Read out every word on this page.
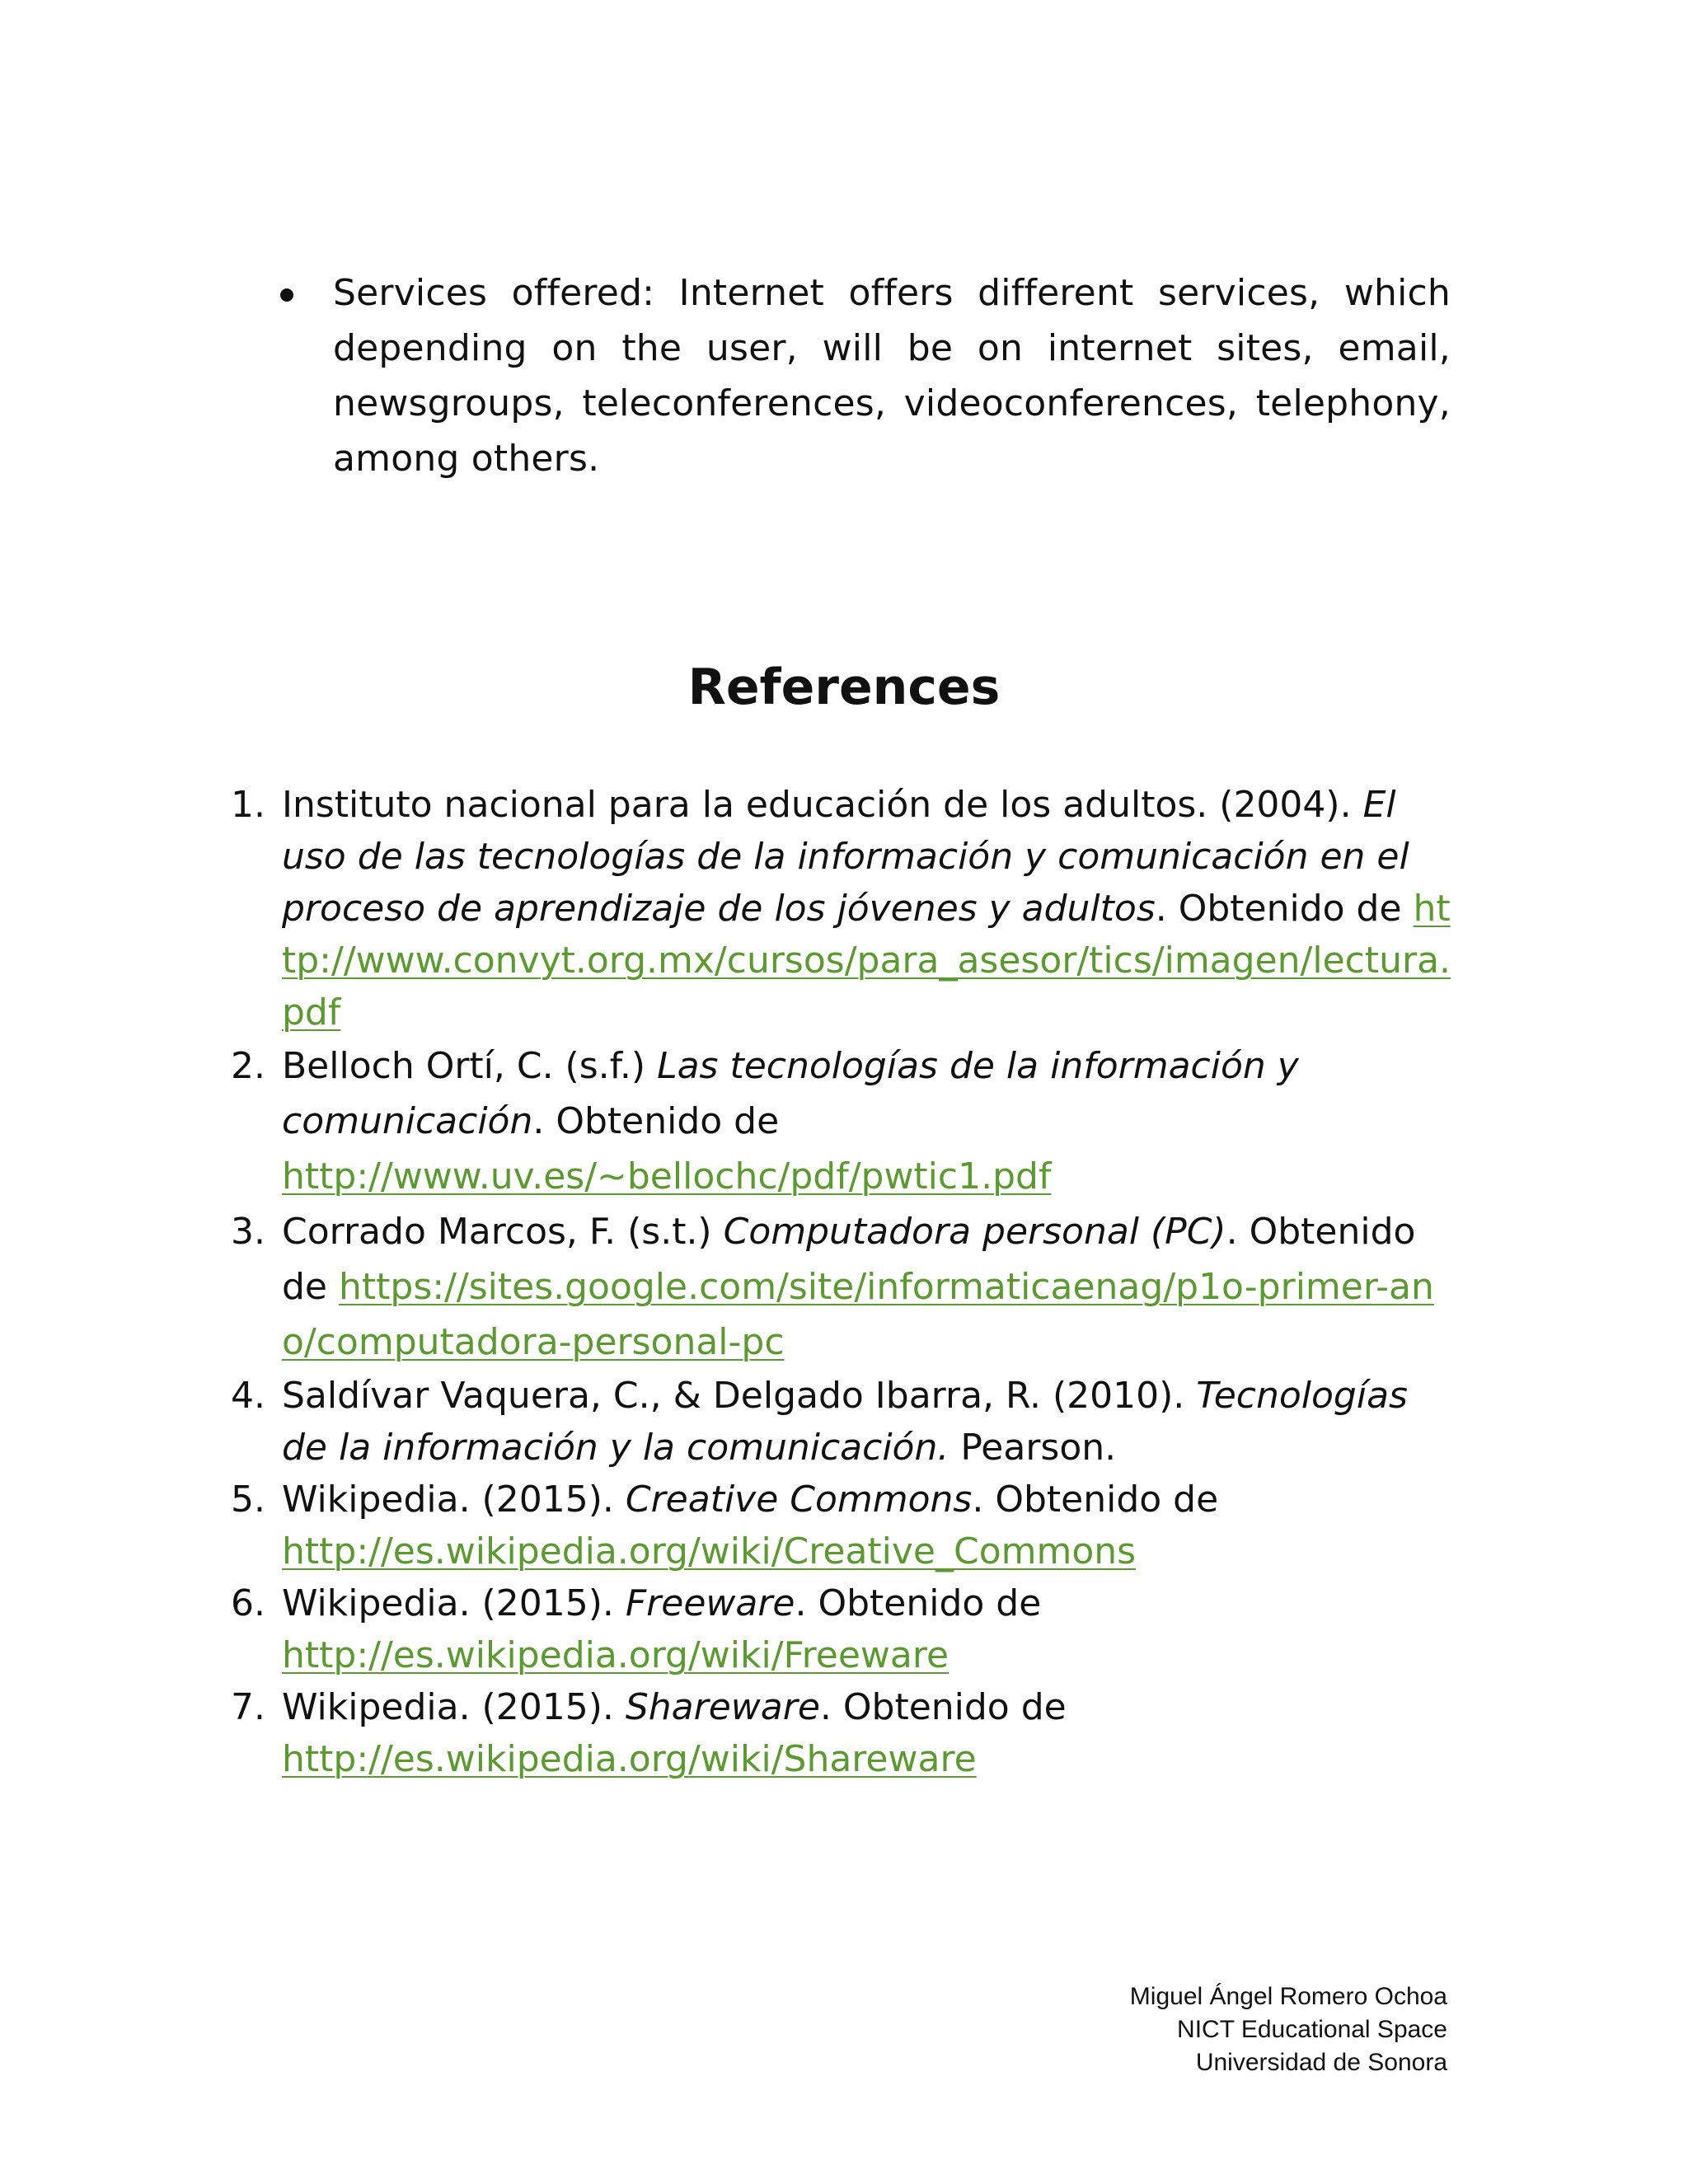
Services offered: Internet offers different services, which depending on the user, will be on internet sites, email, newsgroups, teleconferences, videoconferences, telephony, among others.
References
1. Instituto nacional para la educación de los adultos. (2004). El uso de las tecnologías de la información y comunicación en el proceso de aprendizaje de los jóvenes y adultos. Obtenido de http://www.convyt.org.mx/cursos/para_asesor/tics/imagen/lectura.pdf
2. Belloch Ortí, C. (s.f.) Las tecnologías de la información y comunicación. Obtenido de
http://www.uv.es/~bellochc/pdf/pwtic1.pdf
3. Corrado Marcos, F. (s.t.) Computadora personal (PC). Obtenido de https://sites.google.com/site/informaticaenag/p1o-primer-ano/computadora-personal-pc
4. Saldívar Vaquera, C., & Delgado Ibarra, R. (2010). Tecnologías de la información y la comunicación. Pearson.
5. Wikipedia. (2015). Creative Commons. Obtenido de
http://es.wikipedia.org/wiki/Creative_Commons
6. Wikipedia. (2015). Freeware. Obtenido de
http://es.wikipedia.org/wiki/Freeware
7. Wikipedia. (2015). Shareware. Obtenido de
http://es.wikipedia.org/wiki/Shareware
Miguel Ángel Romero Ochoa
NICT Educational Space
Universidad de Sonora
